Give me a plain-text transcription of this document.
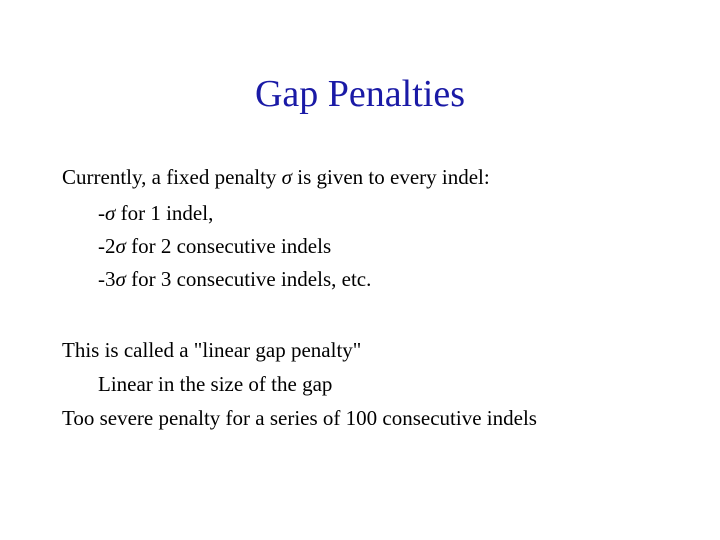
Gap Penalties
Currently, a fixed penalty σ is given to every indel:
-σ for 1 indel,
-2σ for 2 consecutive indels
-3σ for 3 consecutive indels, etc.
This is called a "linear gap penalty"
Linear in the size of the gap
Too severe penalty for a series of 100 consecutive indels
